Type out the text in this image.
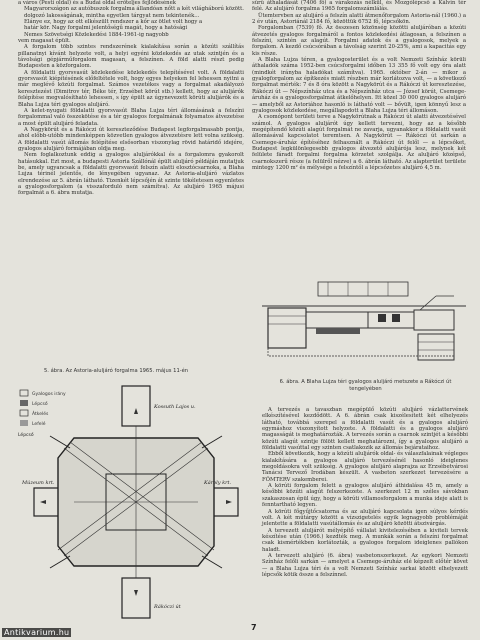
a város (Pesti oldal) és a Budai oldal erőteljes fejlődésének

Magyarországon az autóbuszok forgalma állandóan nőtt a két világháború között.

dolgozó lakosságának, mintha egyetlen tárgyat nem tekintenék...

Elánye ez, hogy az ott elkészült rendszer a kőr az ötlet volt hogy a

határ kör. Nagy forgalmi jelentőségű magát, hogy a hatósági

Nemes Szövetségi Közlekedési 1884-1961-ig nagyobb

vem magasat épült.

A forgalom több szintes rendszerének kialakítása során a közúti szállítás pillanatnyi kívánt helyzete volt, a helyi egyéni közlekedés az utak szintjén és a távolsági gépjárműforgalom magasan, a felszínen. A föld alatti részt pedig Budapesten a közforgalom.

A földalatti gyorsvasút közlekedése közlekedés telepítésével volt. A földalatti gyorsvasút kiépítésének előfeltétele volt, hogy egyes helyeken fel lehessen nyitni a már meglévő közúti forgalmat. Számos vezetékes vagy a forgalmat akadályozó keresztezést (Dimitrov tér, Béke tér, Erzsébet körút stb.) kellett, hogy az aluljárók felépítése megvalósítható lehessen, s így épült az úgynevezett körúti aluljárók és a Blaha Lujza téri gyalogos aluljáró.

A kelet-nyugati földalatti gyorsvasút Blaha Lujza téri állomásának a felszíni forgalommal való összekötése és a tér gyalogos forgalmának folyamatos átvezetése a most épült aluljáró feladata.

A Nagykörút és a Rákóczi út kereszteződése Budapest legforgalmasabb pontja, ahol előbb-utóbb mindenképpen közvetlen gyalogos átvezetésre lett volna szükség. A földalatti vasút állomás felépítése elsősorban viszonylag rövid határidő idejére, gyalogos aluljáró formájában oldja meg.

Nem foglalkoztunk eddig a gyalogos aluljárókkal és a forgalomra gyakorolt hatásukkal. Ezt most, a budapesti Astoria Szállónál épült aluljáró példáján mutatjuk be, amely ugyancsak a földalatti gyorsvasút felszín alatti elosztócsarnoka, a Blaha Lujza térinél jelentős, de lényegében ugyanaz. Az Astoria-aluljáró vázlatos elrendezése az 5. ábrán látható. Tizenkét lépcsőjén át szinte tökéletesen egyenletes a gyalogosforgalom (a visszaforduló nem számítva). Az aluljáró 1965 májusi forgalmát a 6. ábra mutatja.

sűrű áthaladását (7406 fő) a várakozás nélkül, és Mozgólépcső a Kálvin tér felé. Az aluljáró forgalma 1965 forgalomszámlálás.

Ütemtervben az aluljáró a felszín alatti átmenőforgalom Astoria-nál (1960.) a 2 év után, Astoriánál 2184 fő, közöttük 6752 fő, lépcsőkön.

Forgalomban (7539) fő. Az összesen közönség közötti aluljáróban a közúti átvezetés gyalogos forgalmáról a fontos közlekedési átlagosan, a felszínen a felszíni, szintén az alagút. Forgalmi adatok és a gyalogosok, melyek a forgalom. A kezdő csúcsórában a távolság szerint 20-25%, ami a kapacitás egy kis része.

A Blaha Lujza téren, a gyalogosterület és a volt Nemzeti Színház körüli áthaladók száma 1952-ben csúcsforgalmi időben 13 355 fő volt egy óra alatt (mindkét irányba haladókat számítva). 1965. október 2-án — mikor a gyalogforgalom az építkezés miatt részben már korlátozva volt, — a következő forgalmat mérték: 7 és 8 óra között a Nagykörút és a Rákóczi út keresztezése, Rákóczi út — Népszínház utca és a Népszínház utca — József körút, Csemege-áruház és a gyalogosforgalmat átkelőhelyen. Itt közel 30 000 gyalogos aluljáró — amelyből az Astoriához hasonló is látható volt — bővült, igen könnyű lesz a gyalogosok közlekedése, megállapodott a Blaha Lujza téri állomáson.

A csomópont területi terve a Nagykörútnak a Rákóczi út alatti átvezetésével számol. A gyalogos aluljárót úgy kellett tervezni, hogy az a később megépítendő közúti alagút forgalmát ne zavarja, ugyanakkor a földalatti vasút állomásával kapcsolatot teremtsen. A Nagykörút — Rákóczi út sarkán a Csemege-áruház építéséhez felhasznált a Rákóczi út felől — a lépcsőket, Budapest legkülönlegesebb gyalogos átvezető aluljárója lesz, melynek két felülete fáradt forgalmi forgalma körzetet szolgálja. Az aluljáró középső, csarnokszerű része (a felülről nézve) a 6. ábrán látható. Az alapterület területe mintegy 1200 m² és mélysége a felszíntől a lépcsőzetes aluljáró 4,5 m.

6. ábra. A Blaha Lujza téri gyalogos aluljáró metszete a Rákóczi út tengelyében

A tervezés a tavaszban megépülő közúti aluljáró vázlattervének elkészítésével kezdődött. A 6. ábrán csak kiszélesített két elhelyezés látható, továbbá szerepel a földalatti vasút és a gyalogos aluljáró egymáshoz viszonyított helyzete. A földalatti és a gyalogos aluljáró magasságát is meghatározták. A tervezés során a csarnok szintjét a későbbi közúti alagút szintje fölött kellett meghatározni, így a gyalogos aluljáró a földalatti vasúttal egy szinten csatlakozik az állomás bejárataihoz.

Ebből következik, hogy a közúti aluljárók oldal- és válaszfalainak végleges kialakítására a gyalogos aluljáró tervezésénél hasonló ideiglenes megoldásokra volt szükség. A gyalogos aluljáró alaprajza az Erzsébetvárosi Tanácsi Tervező Irodában készült. A vasbeton szerkezet tervezésére a FŐMTERV szakemberei.

A körúti forgalom felett a gyalogos aluljáró áthidalása 45 m, amely a későbbi közúti alagút felszerkezete. A szerkezet 12 m széles sávokban szakaszosan épül úgy, hogy a körúti villamosforgalom a munka ideje alatt is fenntartható legyen.

A körúti főgyűjtőcsatorna és az aluljáró kapcsolata igen súlyos kérdés volt. A két műtárgy között a vízszigetelés egyik legnagyobb problémáját jelentette a földalatti vasútállomás és az aluljáró közötti átszivárgás.

A tervezett aluljárót mélyépítő vállalat kivitelezésében a kiviteli tervek készítése után (1966.) kezdték meg. A munkák során a felszíni forgalmat csak kismértékben korlátozták, a gyalogos forgalom ideiglenes pallókon haladt.

A tervezett aluljáró (6. ábra) vasbetonszerkezet. Az egykori Nemzeti Színház felőli sarkán — amelyet a Csemege-áruház elé képzelt előtér követ — a Blaha Lujza téri és a volt Nemzeti Színház sarkai között elhelyezett lépcsők kötik össze a felszínnel.

5. ábra. Az Astoria-aluljáró forgalma 1965. május 11-én
Gyalogos irány
Lépcső
Átkelés
Lefelé
Kossuth Lajos u.
Rákóczi út
Múzeum krt.	Károly krt.
Lépcső
7
Antikvarium.hu
